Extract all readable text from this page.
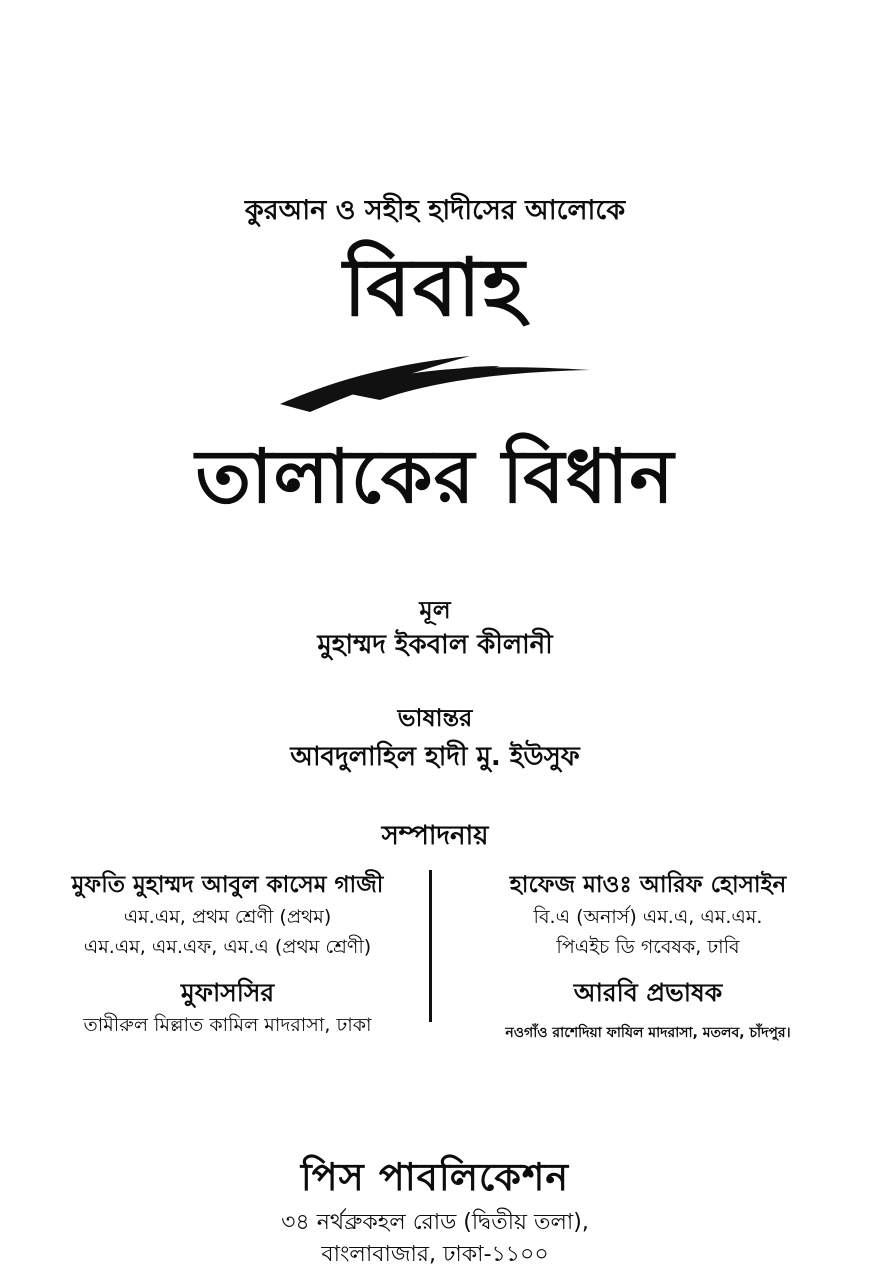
কুরআন ও সহীহ হাদীসের আলোকে
বিবাহ
তালাকের বিধান
মূল
মুহাম্মদ ইকবাল কীলানী
ভাষান্তর
আবদুলাহিল হাদী মু. ইউসুফ
সম্পাদনায়
মুফতি মুহাম্মদ আবুল কাসেম গাজী
এম.এম, প্রথম শ্রেণী (প্রথম)
এম.এম, এম.এফ, এম.এ (প্রথম শ্রেণী)
মুফাসসির
তামীরুল মিল্লাত কামিল মাদরাসা, ঢাকা
হাফেজ মাওঃ আরিফ হোসাইন
বি.এ (অনার্স) এম.এ, এম.এম.
পিএইচ ডি গবেষক, ঢাবি
আরবি প্রভাষক
নওগাঁও রাশেদিয়া ফাযিল মাদরাসা, মতলব, চাঁদপুর।
পিস পাবলিকেশন
৩৪ নর্থব্রুকহল রোড (দ্বিতীয় তলা),
বাংলাবাজার, ঢাকা-১১০০
